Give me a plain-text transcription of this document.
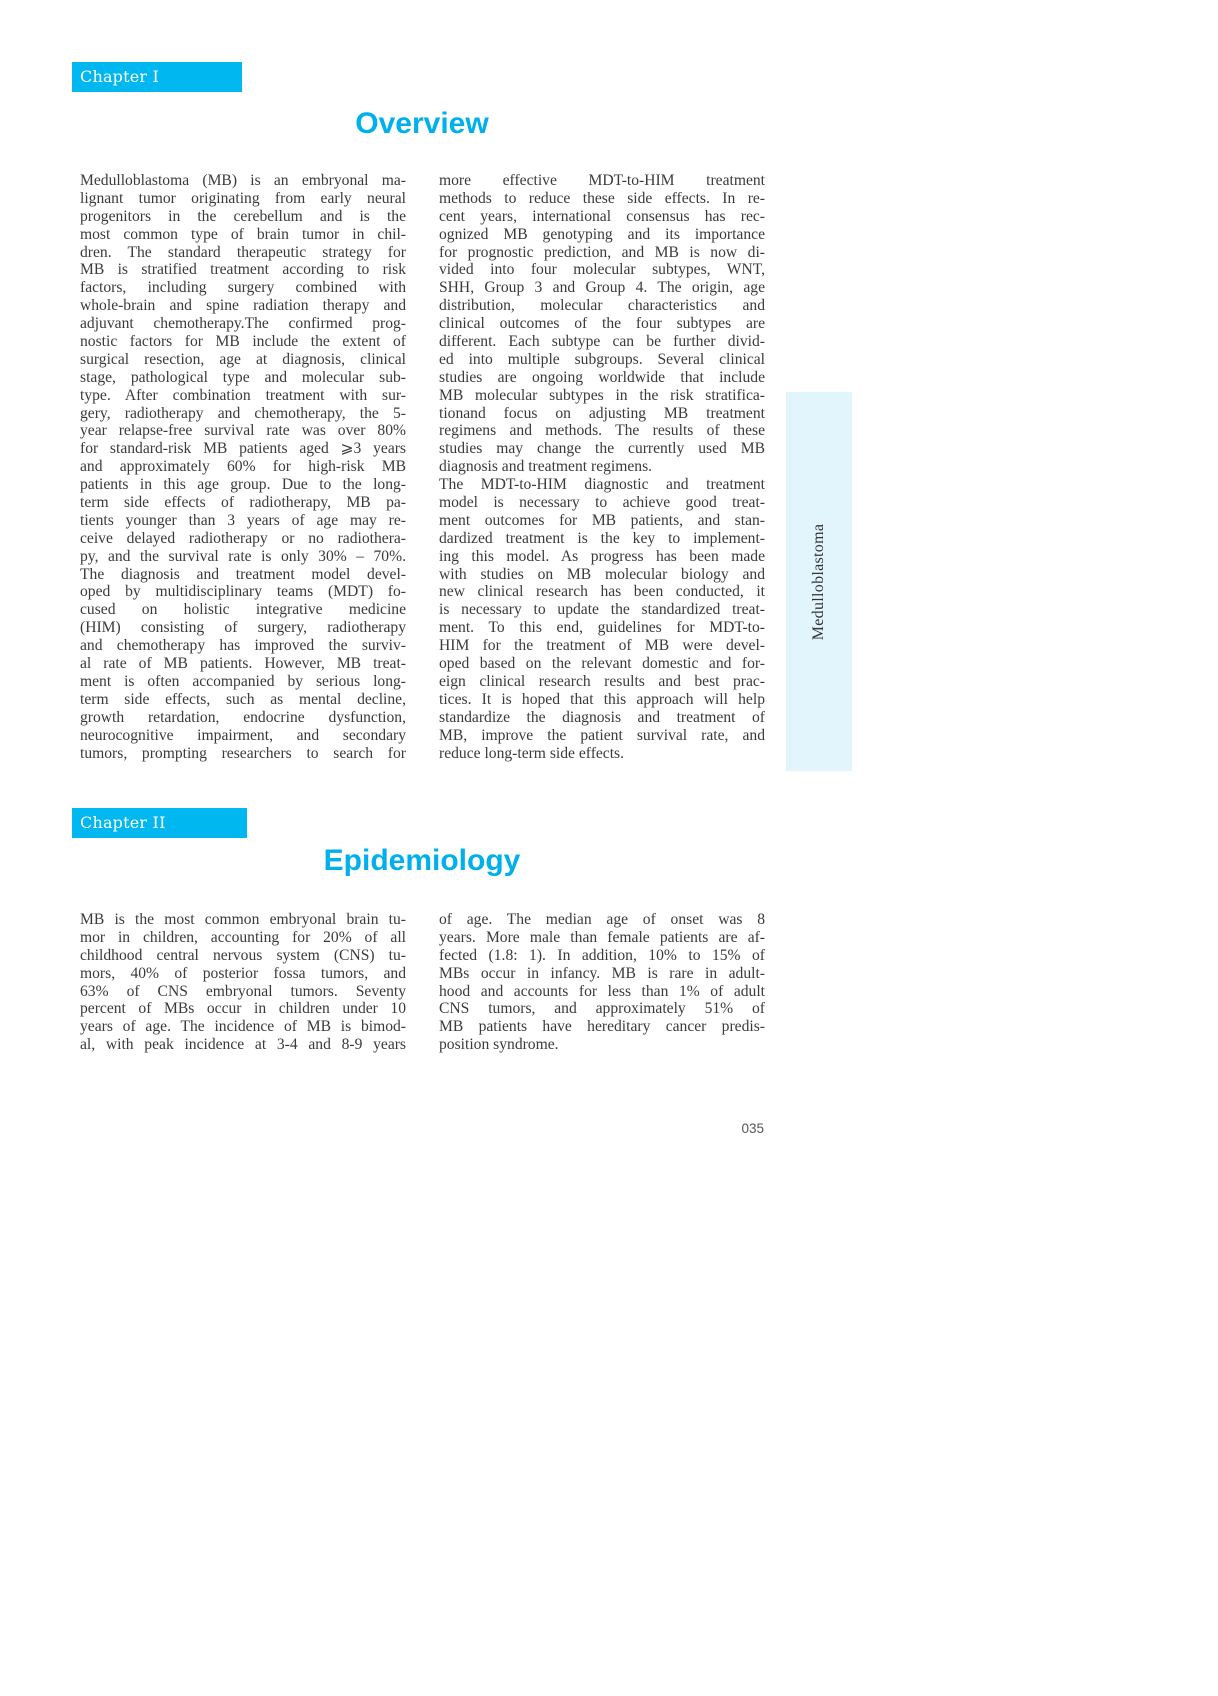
Chapter I
Overview
Medulloblastoma (MB) is an embryonal ma-
lignant tumor originating from early neural
progenitors in the cerebellum and is the
most common type of brain tumor in chil-
dren. The standard therapeutic strategy for
MB is stratified treatment according to risk
factors, including surgery combined with
whole-brain and spine radiation therapy and
adjuvant chemotherapy.The confirmed prog-
nostic factors for MB include the extent of
surgical resection, age at diagnosis, clinical
stage, pathological type and molecular sub-
type. After combination treatment with sur-
gery, radiotherapy and chemotherapy, the 5-
year relapse-free survival rate was over 80%
for standard-risk MB patients aged ⩾3 years
and approximately 60% for high-risk MB
patients in this age group. Due to the long-
term side effects of radiotherapy, MB pa-
tients younger than 3 years of age may re-
ceive delayed radiotherapy or no radiothera-
py, and the survival rate is only 30% – 70%.
The diagnosis and treatment model devel-
oped by multidisciplinary teams (MDT) fo-
cused on holistic integrative medicine
(HIM) consisting of surgery, radiotherapy
and chemotherapy has improved the surviv-
al rate of MB patients. However, MB treat-
ment is often accompanied by serious long-
term side effects, such as mental decline,
growth retardation, endocrine dysfunction,
neurocognitive impairment, and secondary
tumors, prompting researchers to search for
more effective MDT-to-HIM treatment
methods to reduce these side effects. In re-
cent years, international consensus has rec-
ognized MB genotyping and its importance
for prognostic prediction, and MB is now di-
vided into four molecular subtypes, WNT,
SHH, Group 3 and Group 4. The origin, age
distribution, molecular characteristics and
clinical outcomes of the four subtypes are
different. Each subtype can be further divid-
ed into multiple subgroups. Several clinical
studies are ongoing worldwide that include
MB molecular subtypes in the risk stratifica-
tionand focus on adjusting MB treatment
regimens and methods. The results of these
studies may change the currently used MB
diagnosis and treatment regimens.
The MDT-to-HIM diagnostic and treatment
model is necessary to achieve good treat-
ment outcomes for MB patients, and stan-
dardized treatment is the key to implement-
ing this model. As progress has been made
with studies on MB molecular biology and
new clinical research has been conducted, it
is necessary to update the standardized treat-
ment. To this end, guidelines for MDT-to-
HIM for the treatment of MB were devel-
oped based on the relevant domestic and for-
eign clinical research results and best prac-
tices. It is hoped that this approach will help
standardize the diagnosis and treatment of
MB, improve the patient survival rate, and
reduce long-term side effects.
Medulloblastoma
Chapter II
Epidemiology
MB is the most common embryonal brain tu-
mor in children, accounting for 20% of all
childhood central nervous system (CNS) tu-
mors, 40% of posterior fossa tumors, and
63% of CNS embryonal tumors. Seventy
percent of MBs occur in children under 10
years of age. The incidence of MB is bimod-
al, with peak incidence at 3-4 and 8-9 years
of age. The median age of onset was 8
years. More male than female patients are af-
fected (1.8: 1). In addition, 10% to 15% of
MBs occur in infancy. MB is rare in adult-
hood and accounts for less than 1% of adult
CNS tumors, and approximately 51% of
MB patients have hereditary cancer predis-
position syndrome.
035
